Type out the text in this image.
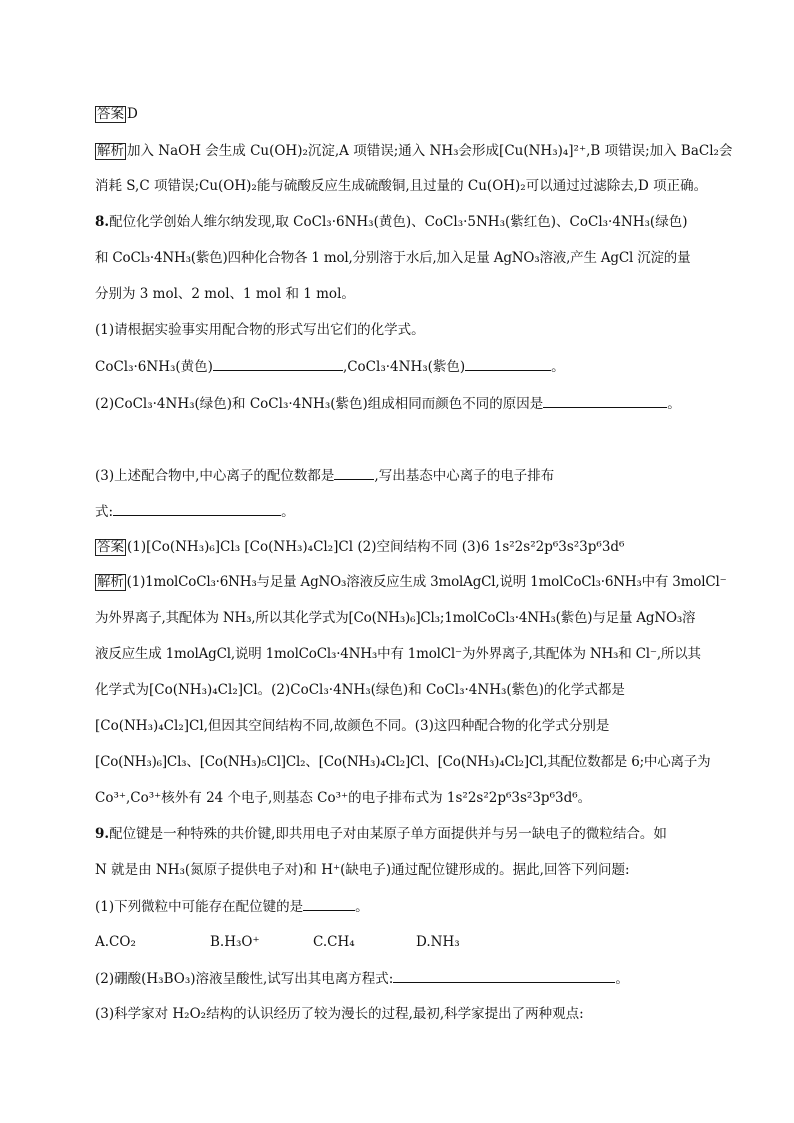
答案 D
解析 加入 NaOH 会生成 Cu(OH)₂沉淀,A 项错误;通入 NH₃会形成[Cu(NH₃)₄]²⁺,B 项错误;加入 BaCl₂会
消耗 S,C 项错误;Cu(OH)₂能与硫酸反应生成硫酸铜,且过量的 Cu(OH)₂可以通过过滤除去,D 项正确。
8.配位化学创始人维尔纳发现,取 CoCl₃·6NH₃(黄色)、CoCl₃·5NH₃(紫红色)、CoCl₃·4NH₃(绿色)
和 CoCl₃·4NH₃(紫色)四种化合物各 1 mol,分别溶于水后,加入足量 AgNO₃溶液,产生 AgCl 沉淀的量
分别为 3 mol、2 mol、1 mol 和 1 mol。
(1)请根据实验事实用配合物的形式写出它们的化学式。
CoCl₃·6NH₃(黄色)	,CoCl₃·4NH₃(紫色)	。
(2)CoCl₃·4NH₃(绿色)和 CoCl₃·4NH₃(紫色)组成相同而颜色不同的原因是	。
(3)上述配合物中,中心离子的配位数都是	,写出基态中心离子的电子排布
式:	。
答案 (1)[Co(NH₃)₆]Cl₃ [Co(NH₃)₄Cl₂]Cl (2)空间结构不同 (3)6 1s²2s²2p⁶3s²3p⁶3d⁶
解析 (1)1molCoCl₃·6NH₃与足量 AgNO₃溶液反应生成 3molAgCl,说明 1molCoCl₃·6NH₃中有 3molCl⁻
为外界离子,其配体为 NH₃,所以其化学式为[Co(NH₃)₆]Cl₃;1molCoCl₃·4NH₃(紫色)与足量 AgNO₃溶
液反应生成 1molAgCl,说明 1molCoCl₃·4NH₃中有 1molCl⁻为外界离子,其配体为 NH₃和 Cl⁻,所以其
化学式为[Co(NH₃)₄Cl₂]Cl。(2)CoCl₃·4NH₃(绿色)和 CoCl₃·4NH₃(紫色)的化学式都是
[Co(NH₃)₄Cl₂]Cl,但因其空间结构不同,故颜色不同。(3)这四种配合物的化学式分别是
[Co(NH₃)₆]Cl₃、[Co(NH₃)₅Cl]Cl₂、[Co(NH₃)₄Cl₂]Cl、[Co(NH₃)₄Cl₂]Cl,其配位数都是 6;中心离子为
Co³⁺,Co³⁺核外有 24 个电子,则基态 Co³⁺的电子排布式为 1s²2s²2p⁶3s²3p⁶3d⁶。
9.配位键是一种特殊的共价键,即共用电子对由某原子单方面提供并与另一缺电子的微粒结合。如
N 就是由 NH₃(氮原子提供电子对)和 H⁺(缺电子)通过配位键形成的。据此,回答下列问题:
(1)下列微粒中可能存在配位键的是	。
A.CO₂	B.H₃O⁺	C.CH₄	D.NH₃
(2)硼酸(H₃BO₃)溶液呈酸性,试写出其电离方程式:	。
(3)科学家对 H₂O₂结构的认识经历了较为漫长的过程,最初,科学家提出了两种观点:
